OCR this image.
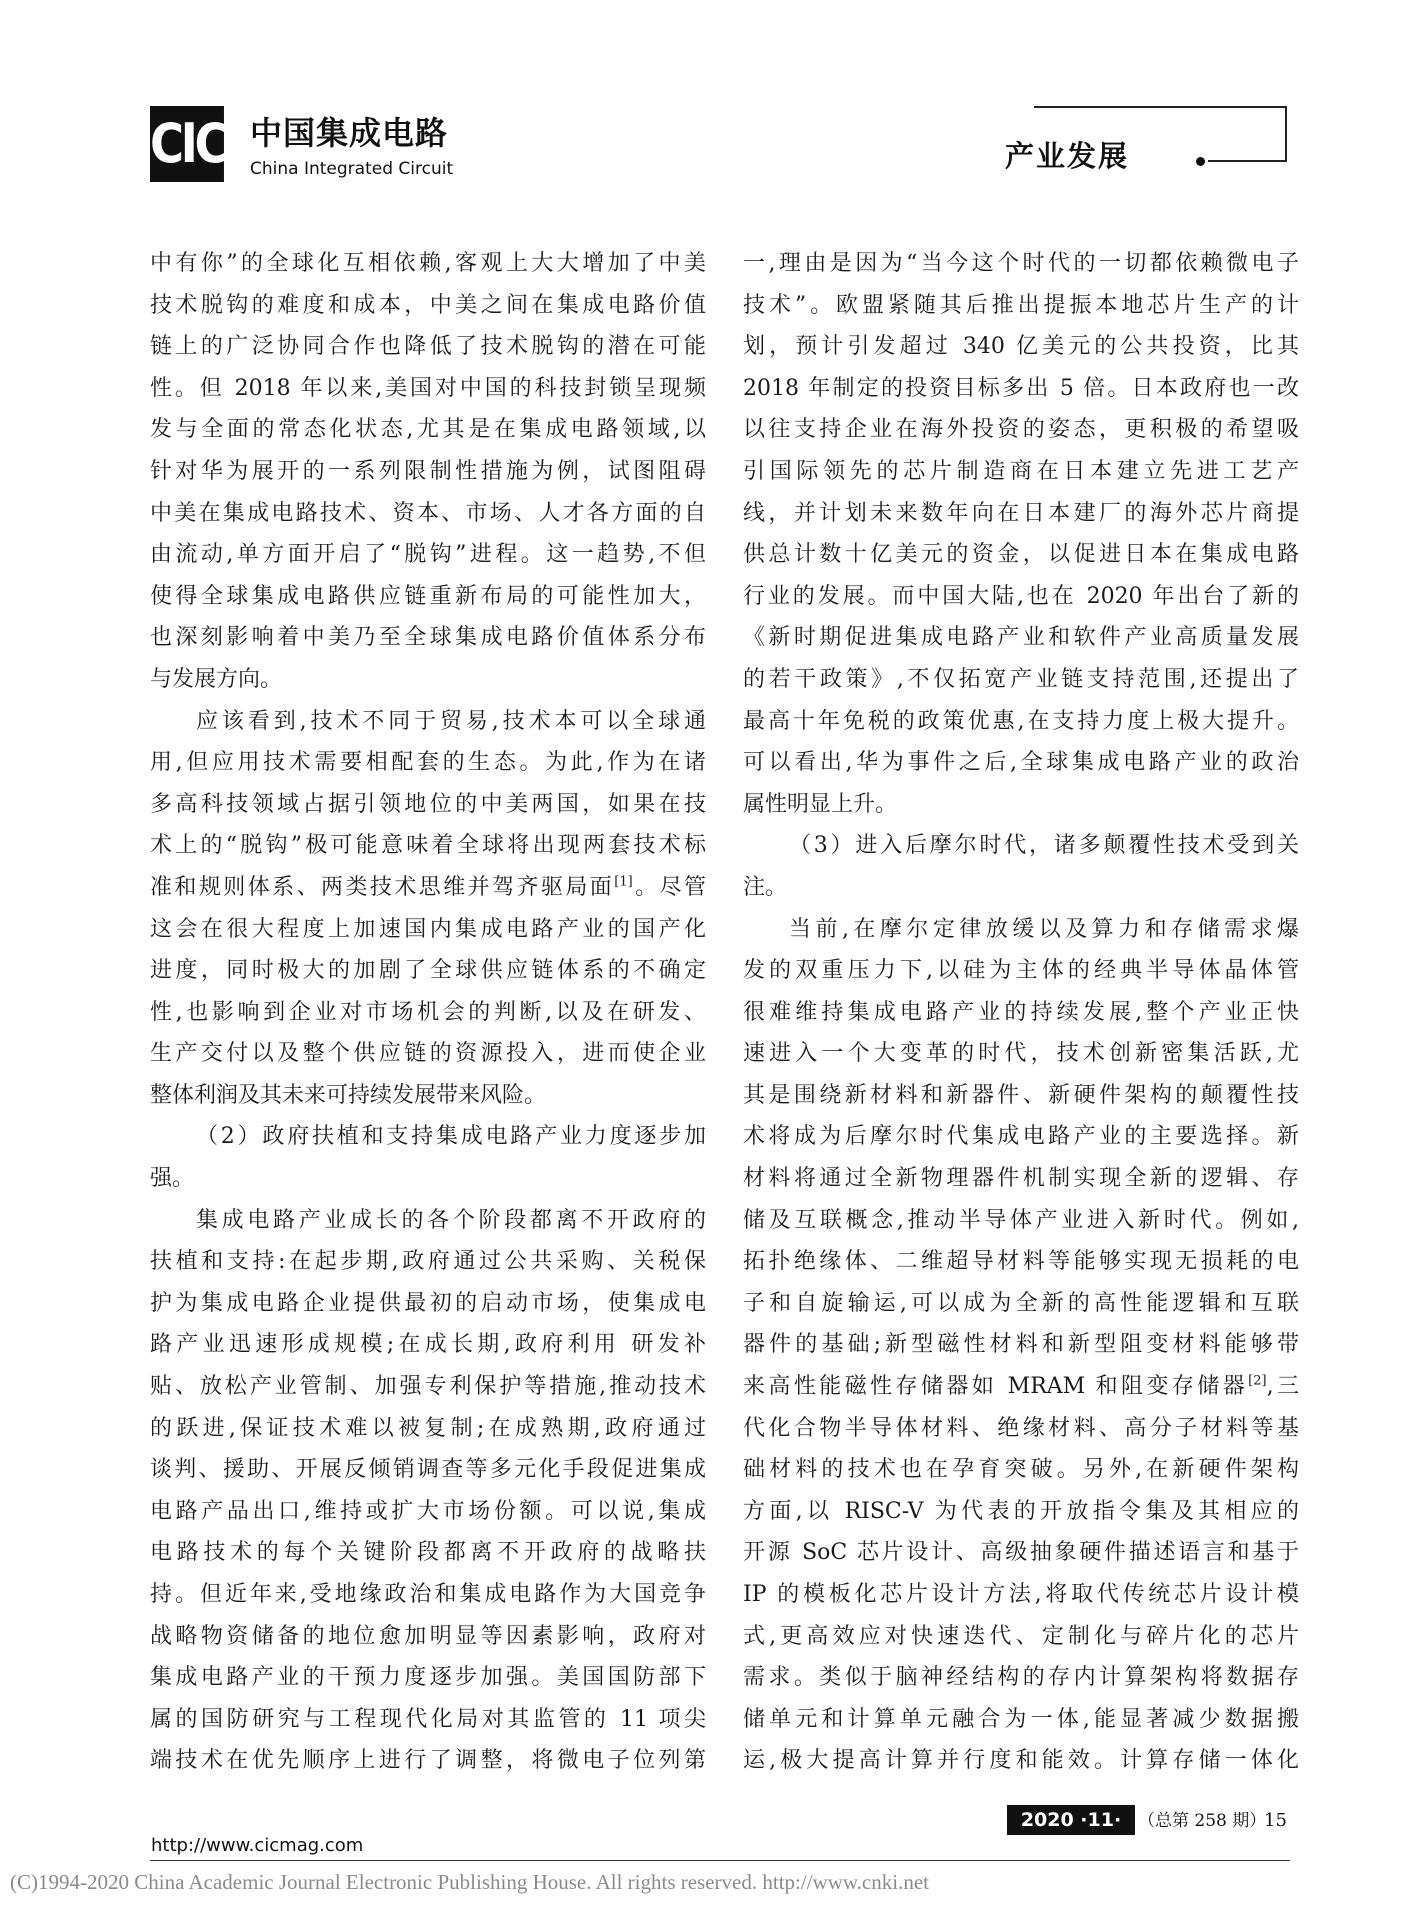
CIC 中国集成电路
China Integrated Circuit	产业发展
中有你”的全球化互相依赖,客观上大大增加了中美
技术脱钩的难度和成本，中美之间在集成电路价值
链上的广泛协同合作也降低了技术脱钩的潜在可能
性。但 2018 年以来,美国对中国的科技封锁呈现频
发与全面的常态化状态,尤其是在集成电路领域,以
针对华为展开的一系列限制性措施为例，试图阻碍
中美在集成电路技术、资本、市场、人才各方面的自
由流动,单方面开启了“脱钩”进程。这一趋势,不但
使得全球集成电路供应链重新布局的可能性加大，
也深刻影响着中美乃至全球集成电路价值体系分布
与发展方向。
应该看到,技术不同于贸易,技术本可以全球通
用,但应用技术需要相配套的生态。为此,作为在诸
多高科技领域占据引领地位的中美两国，如果在技
术上的“脱钩”极可能意味着全球将出现两套技术标
准和规则体系、两类技术思维并驾齐驱局面[1]。尽管
这会在很大程度上加速国内集成电路产业的国产化
进度，同时极大的加剧了全球供应链体系的不确定
性,也影响到企业对市场机会的判断,以及在研发、
生产交付以及整个供应链的资源投入，进而使企业
整体利润及其未来可持续发展带来风险。
（2）政府扶植和支持集成电路产业力度逐步加
强。
集成电路产业成长的各个阶段都离不开政府的
扶植和支持:在起步期,政府通过公共采购、关税保
护为集成电路企业提供最初的启动市场，使集成电
路产业迅速形成规模;在成长期,政府利用 研发补
贴、放松产业管制、加强专利保护等措施,推动技术
的跃进,保证技术难以被复制;在成熟期,政府通过
谈判、援助、开展反倾销调查等多元化手段促进集成
电路产品出口,维持或扩大市场份额。可以说,集成
电路技术的每个关键阶段都离不开政府的战略扶
持。但近年来,受地缘政治和集成电路作为大国竞争
战略物资储备的地位愈加明显等因素影响，政府对
集成电路产业的干预力度逐步加强。美国国防部下
属的国防研究与工程现代化局对其监管的 11 项尖
端技术在优先顺序上进行了调整，将微电子位列第
一,理由是因为“当今这个时代的一切都依赖微电子
技术”。欧盟紧随其后推出提振本地芯片生产的计
划，预计引发超过 340 亿美元的公共投资，比其
2018 年制定的投资目标多出 5 倍。日本政府也一改
以往支持企业在海外投资的姿态，更积极的希望吸
引国际领先的芯片制造商在日本建立先进工艺产
线，并计划未来数年向在日本建厂的海外芯片商提
供总计数十亿美元的资金，以促进日本在集成电路
行业的发展。而中国大陆,也在 2020 年出台了新的
《新时期促进集成电路产业和软件产业高质量发展
的若干政策》,不仅拓宽产业链支持范围,还提出了
最高十年免税的政策优惠,在支持力度上极大提升。
可以看出,华为事件之后,全球集成电路产业的政治
属性明显上升。
（3）进入后摩尔时代，诸多颠覆性技术受到关
注。
当前,在摩尔定律放缓以及算力和存储需求爆
发的双重压力下,以硅为主体的经典半导体晶体管
很难维持集成电路产业的持续发展,整个产业正快
速进入一个大变革的时代，技术创新密集活跃,尤
其是围绕新材料和新器件、新硬件架构的颠覆性技
术将成为后摩尔时代集成电路产业的主要选择。新
材料将通过全新物理器件机制实现全新的逻辑、存
储及互联概念,推动半导体产业进入新时代。例如,
拓扑绝缘体、二维超导材料等能够实现无损耗的电
子和自旋输运,可以成为全新的高性能逻辑和互联
器件的基础;新型磁性材料和新型阻变材料能够带
来高性能磁性存储器如 MRAM 和阻变存储器[2],三
代化合物半导体材料、绝缘材料、高分子材料等基
础材料的技术也在孕育突破。另外,在新硬件架构
方面,以 RISC-V 为代表的开放指令集及其相应的
开源 SoC 芯片设计、高级抽象硬件描述语言和基于
IP 的模板化芯片设计方法,将取代传统芯片设计模
式,更高效应对快速迭代、定制化与碎片化的芯片
需求。类似于脑神经结构的存内计算架构将数据存
储单元和计算单元融合为一体,能显著减少数据搬
运,极大提高计算并行度和能效。计算存储一体化
http://www.cicmag.com
2020 ·11· （总第 258 期）
15
(C)1994-2020 China Academic Journal Electronic Publishing House. All rights reserved. http://www.cnki.net
